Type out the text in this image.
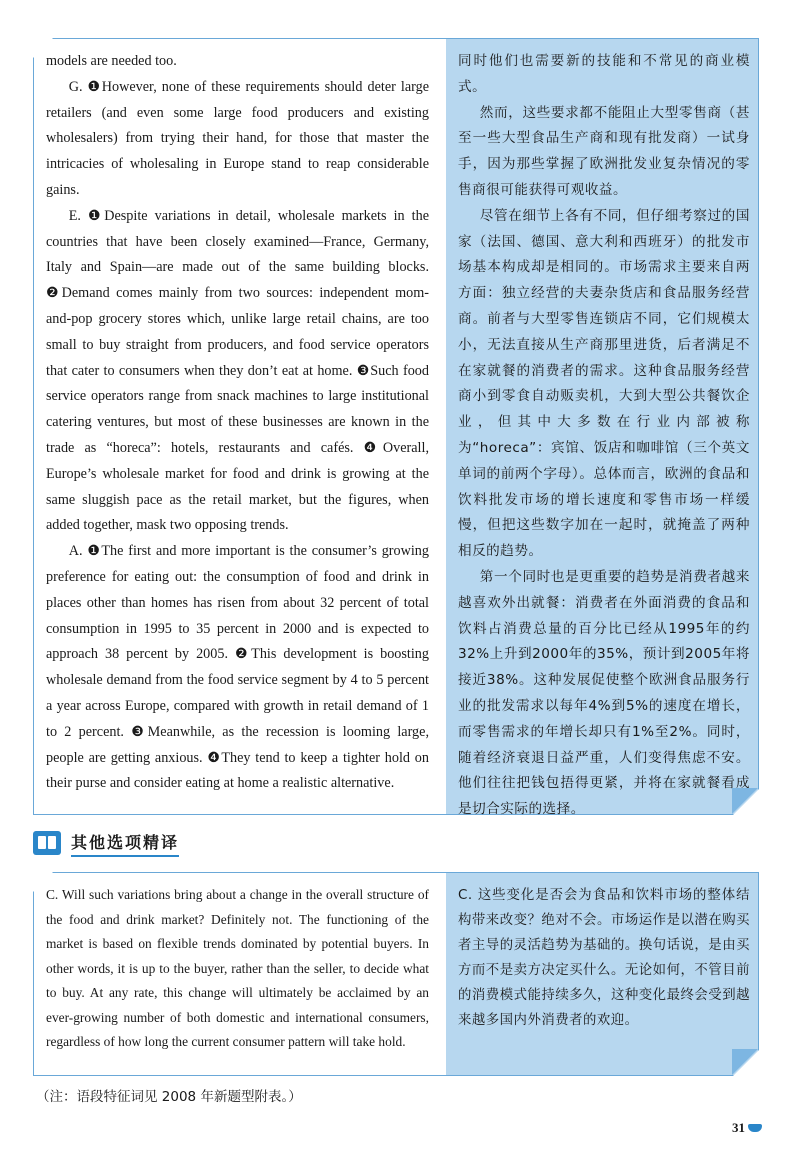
models are needed too.

G. ❶However, none of these requirements should deter large retailers (and even some large food producers and existing wholesalers) from trying their hand, for those that master the intricacies of wholesaling in Europe stand to reap considerable gains.

E. ❶Despite variations in detail, wholesale markets in the countries that have been closely examined—France, Germany, Italy and Spain—are made out of the same building blocks. ❷Demand comes mainly from two sources: independent mom-and-pop grocery stores which, unlike large retail chains, are too small to buy straight from producers, and food service operators that cater to consumers when they don’t eat at home. ❸Such food service operators range from snack machines to large institutional catering ventures, but most of these businesses are known in the trade as “horeca”: hotels, restaurants and cafés. ❹Overall, Europe’s wholesale market for food and drink is growing at the same sluggish pace as the retail market, but the figures, when added together, mask two opposing trends.

A. ❶The first and more important is the consumer’s growing preference for eating out: the consumption of food and drink in places other than homes has risen from about 32 percent of total consumption in 1995 to 35 percent in 2000 and is expected to approach 38 percent by 2005. ❷This development is boosting wholesale demand from the food service segment by 4 to 5 percent a year across Europe, compared with growth in retail demand of 1 to 2 percent. ❸Meanwhile, as the recession is looming large, people are getting anxious. ❹They tend to keep a tighter hold on their purse and consider eating at home a realistic alternative.

同时他们也需要新的技能和不常见的商业模式。

然而，这些要求都不能阻止大型零售商（甚至一些大型食品生产商和现有批发商）一试身手，因为那些掌握了欧洲批发业复杂情况的零售商很可能获得可观收益。

尽管在细节上各有不同，但仔细考察过的国家（法国、德国、意大利和西班牙）的批发市场基本构成却是相同的。市场需求主要来自两方面：独立经营的夫妻杂货店和食品服务经营商。前者与大型零售连锁店不同，它们规模太小，无法直接从生产商那里进货，后者满足不在家就餐的消费者的需求。这种食品服务经营商小到零食自动贩卖机，大到大型公共餐饮企业，但其中大多数在行业内部被称为“horeca”：宾馆、饭店和咖啡馆（三个英文单词的前两个字母）。总体而言，欧洲的食品和饮料批发市场的增长速度和零售市场一样缓慢，但把这些数字加在一起时，就掩盖了两种相反的趋势。

第一个同时也是更重要的趋势是消费者越来越喜欢外出就餐：消费者在外面消费的食品和饮料占消费总量的百分比已经从1995年的约32%上升到2000年的35%，预计到2005年将接近38%。这种发展促使整个欧洲食品服务行业的批发需求以每年4%到5%的速度在增长，而零售需求的年增长却只有1%至2%。同时，随着经济衰退日益严重，人们变得焦虑不安。他们往往把钱包捂得更紧，并将在家就餐看成是切合实际的选择。

其他选项精译

C. Will such variations bring about a change in the overall structure of the food and drink market? Definitely not. The functioning of the market is based on flexible trends dominated by potential buyers. In other words, it is up to the buyer, rather than the seller, to decide what to buy. At any rate, this change will ultimately be acclaimed by an ever-growing number of both domestic and international consumers, regardless of how long the current consumer pattern will take hold.

C. 这些变化是否会为食品和饮料市场的整体结构带来改变？绝对不会。市场运作是以潜在购买者主导的灵活趋势为基础的。换句话说，是由买方而不是卖方决定买什么。无论如何，不管目前的消费模式能持续多久，这种变化最终会受到越来越多国内外消费者的欢迎。

（注：语段特征词见 2008 年新题型附表。）
31
